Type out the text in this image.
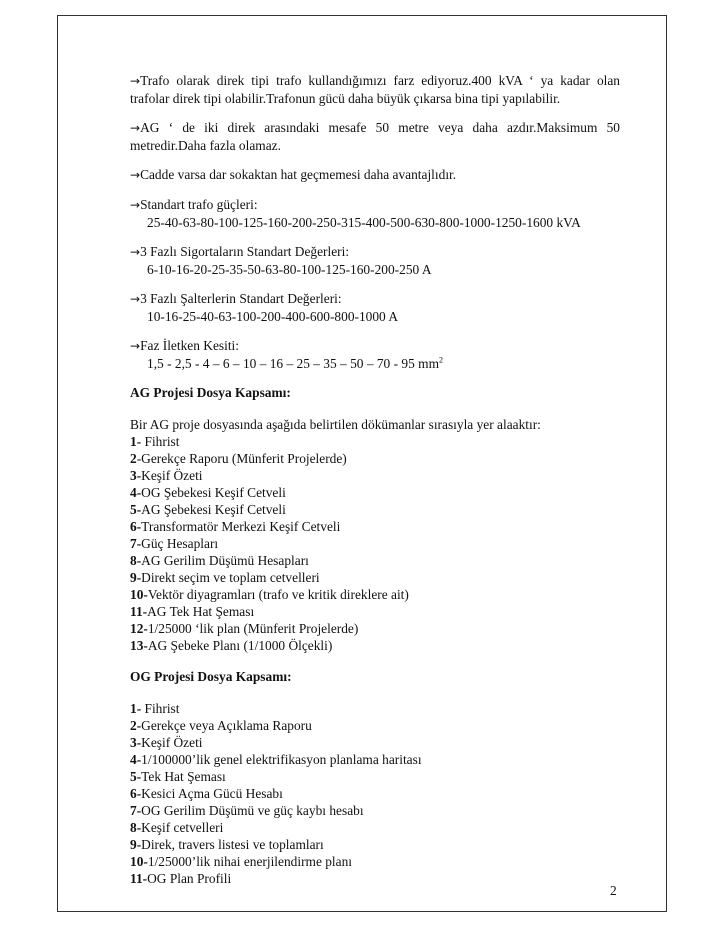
→Trafo olarak direk tipi trafo kullandığımızı farz ediyoruz.400 kVA ‘ ya kadar olan
trafolar direk tipi olabilir.Trafonun gücü daha büyük çıkarsa bina tipi yapılabilir.
→AG ‘ de iki direk arasındaki mesafe 50 metre veya daha azdır.Maksimum 50
metredir.Daha fazla olamaz.
→Cadde varsa dar sokaktan hat geçmemesi daha avantajlıdır.
→Standart trafo güçleri:
25-40-63-80-100-125-160-200-250-315-400-500-630-800-1000-1250-1600 kVA
→3 Fazlı Sigortaların Standart Değerleri:
6-10-16-20-25-35-50-63-80-100-125-160-200-250 A
→3 Fazlı Şalterlerin Standart Değerleri:
10-16-25-40-63-100-200-400-600-800-1000 A
→Faz İletken Kesiti:
1,5 - 2,5 - 4 – 6 – 10 – 16 – 25 – 35 – 50 – 70 - 95 $mm^2$
AG Projesi Dosya Kapsamı:
Bir AG proje dosyasında aşağıda belirtilen dökümanlar sırasıyla yer alaaktır:
1- Fihrist
2-Gerekçe Raporu (Münferit Projelerde)
3-Keşif Özeti
4-OG Şebekesi Keşif Cetveli
5-AG Şebekesi Keşif Cetveli
6-Transformatör Merkezi Keşif Cetveli
7-Güç Hesapları
8-AG Gerilim Düşümü Hesapları
9-Direkt seçim ve toplam cetvelleri
10-Vektör diyagramları (trafo ve kritik direklere ait)
11-AG Tek Hat Şeması
12-1/25000 ‘lik plan (Münferit Projelerde)
13-AG Şebeke Planı (1/1000 Ölçekli)
OG Projesi Dosya Kapsamı:
1- Fihrist
2-Gerekçe veya Açıklama Raporu
3-Keşif Özeti
4-1/100000’lik genel elektrifikasyon planlama haritası
5-Tek Hat Şeması
6-Kesici Açma Gücü Hesabı
7-OG Gerilim Düşümü ve güç kaybı hesabı
8-Keşif cetvelleri
9-Direk, travers listesi ve toplamları
10-1/25000’lik nihai enerjilendirme planı
11-OG Plan Profili
2
